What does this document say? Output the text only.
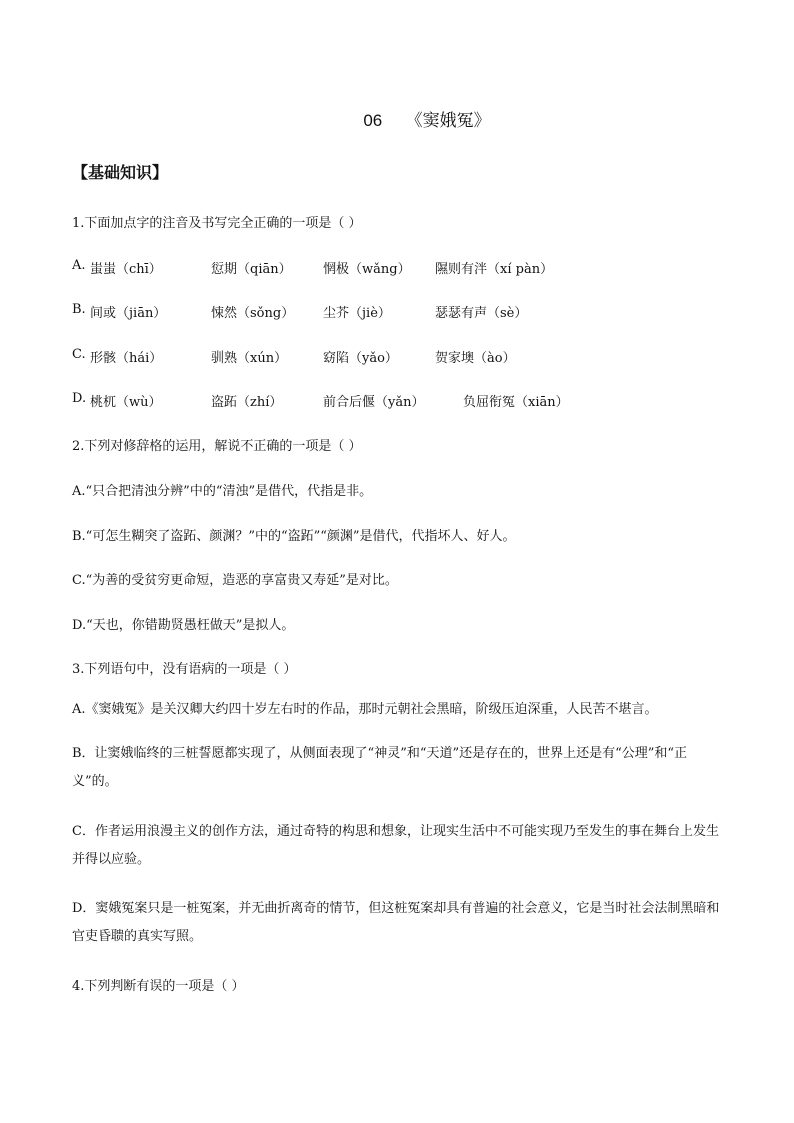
06 《窦娥冤》
【基础知识】
1.下面加点字的注音及书写完全正确的一项是（ ）
A. 蚩蚩（chī）	愆期（qiān） 惘极（wǎng） 隰则有泮（xí pàn）
B. 间或（jiān）	悚然（sǒng） 尘芥（jiè）	瑟瑟有声（sè）
C. 形骸（hái）	驯熟（xún）	窈陷（yǎo）	贺家墺（ào）
D. 桃杌（wù）	盗跖（zhí）	前合后偃（yǎn）	负屈衔冤（xiān）
2.下列对修辞格的运用，解说不正确的一项是（ ）
A.“只合把清浊分辨”中的“清浊”是借代，代指是非。
B.“可怎生糊突了盗跖、颜渊？”中的“盗跖”“颜渊”是借代，代指坏人、好人。
C.“为善的受贫穷更命短，造恶的享富贵又寿延”是对比。
D.“天也，你错勘贤愚枉做天”是拟人。
3.下列语句中，没有语病的一项是（ ）
A.《窦娥冤》是关汉卿大约四十岁左右时的作品，那时元朝社会黑暗，阶级压迫深重，人民苦不堪言。
B．让窦娥临终的三桩誓愿都实现了，从侧面表现了“神灵”和“天道”还是存在的，世界上还是有“公理”和“正义”的。
C．作者运用浪漫主义的创作方法，通过奇特的构思和想象，让现实生活中不可能实现乃至发生的事在舞台上发生并得以应验。
D．窦娥冤案只是一桩冤案，并无曲折离奇的情节，但这桩冤案却具有普遍的社会意义，它是当时社会法制黑暗和官吏昏聩的真实写照。
4.下列判断有误的一项是（ ）
